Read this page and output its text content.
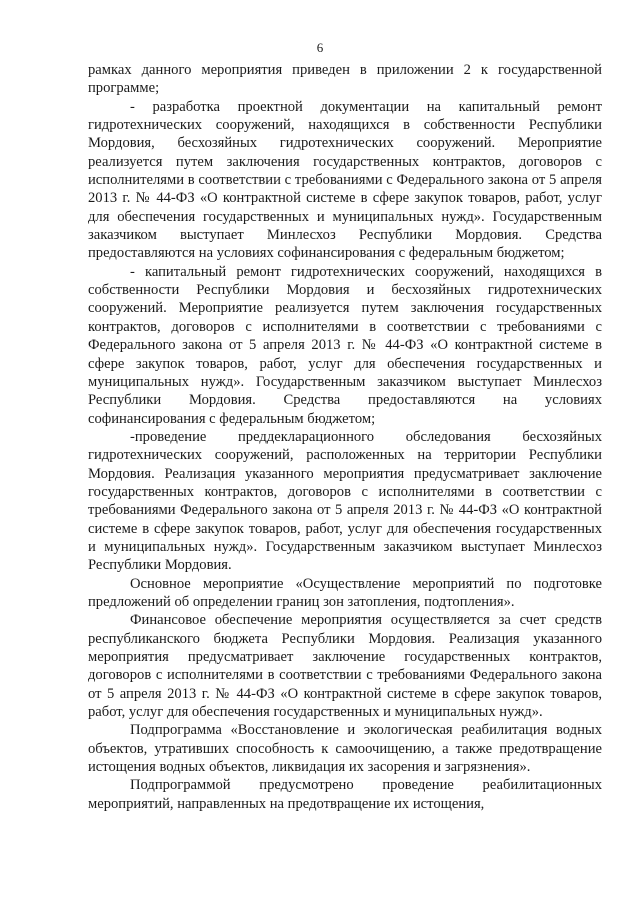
6

рамках данного мероприятия приведен в приложении 2 к государственной программе;

- разработка проектной документации на капитальный ремонт гидротехнических сооружений, находящихся в собственности Республики Мордовия, бесхозяйных гидротехнических сооружений. Мероприятие реализуется путем заключения государственных контрактов, договоров с исполнителями в соответствии с требованиями с Федерального закона от 5 апреля 2013 г. № 44-ФЗ «О контрактной системе в сфере закупок товаров, работ, услуг для обеспечения государственных и муниципальных нужд». Государственным заказчиком выступает Минлесхоз Республики Мордовия. Средства предоставляются на условиях софинансирования с федеральным бюджетом;

- капитальный ремонт гидротехнических сооружений, находящихся в собственности Республики Мордовия и бесхозяйных гидротехнических сооружений. Мероприятие реализуется путем заключения государственных контрактов, договоров с исполнителями в соответствии с требованиями с Федерального закона от 5 апреля 2013 г. № 44-ФЗ «О контрактной системе в сфере закупок товаров, работ, услуг для обеспечения государственных и муниципальных нужд». Государственным заказчиком выступает Минлесхоз Республики Мордовия. Средства предоставляются на условиях софинансирования с федеральным бюджетом;

-проведение преддекларационного обследования бесхозяйных гидротехнических сооружений, расположенных на территории Республики Мордовия. Реализация указанного мероприятия предусматривает заключение государственных контрактов, договоров с исполнителями в соответствии с требованиями Федерального закона от 5 апреля 2013 г. № 44-ФЗ «О контрактной системе в сфере закупок товаров, работ, услуг для обеспечения государственных и муниципальных нужд». Государственным заказчиком выступает Минлесхоз Республики Мордовия.

Основное мероприятие «Осуществление мероприятий по подготовке предложений об определении границ зон затопления, подтопления».

Финансовое обеспечение мероприятия осуществляется за счет средств республиканского бюджета Республики Мордовия. Реализация указанного мероприятия предусматривает заключение государственных контрактов, договоров с исполнителями в соответствии с требованиями Федерального закона от 5 апреля 2013 г. № 44-ФЗ «О контрактной системе в сфере закупок товаров, работ, услуг для обеспечения государственных и муниципальных нужд».

Подпрограмма «Восстановление и экологическая реабилитация водных объектов, утративших способность к самоочищению, а также предотвращение истощения водных объектов, ликвидация их засорения и загрязнения».

Подпрограммой предусмотрено проведение реабилитационных мероприятий, направленных на предотвращение их истощения,
